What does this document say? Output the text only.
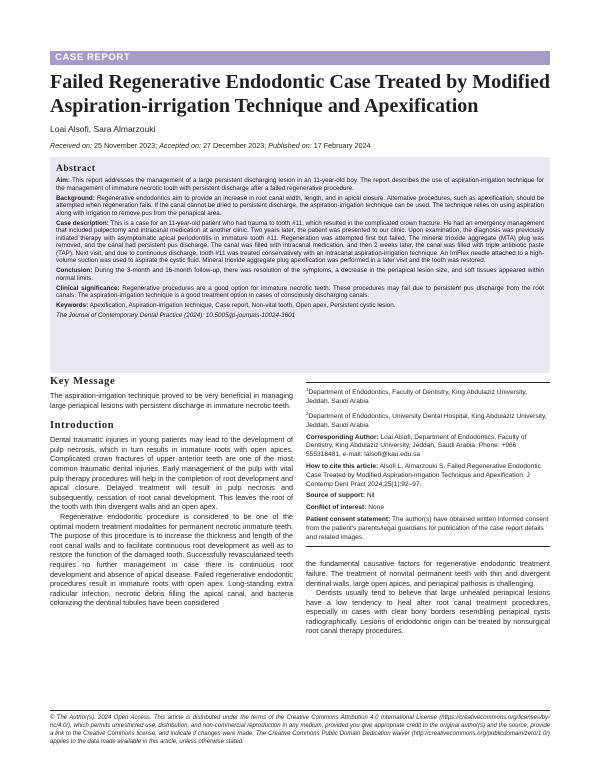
CASE REPORT
Failed Regenerative Endodontic Case Treated by Modified Aspiration-irrigation Technique and Apexification
Loai Alsofi, Sara Almarzouki
Received on: 25 November 2023; Accepted on: 27 December 2023; Published on: 17 February 2024
Abstract

Aim: This report addresses the management of a large persistent discharging lesion in an 11-year-old boy. The report describes the use of aspiration-irrigation technique for the management of immature necrotic tooth with persistent discharge after a failed regenerative procedure.

Background: Regenerative endodontics aim to provide an increase in root canal width, length, and in apical closure. Alternative procedures, such as apexification, should be attempted when regeneration fails. If the canal cannot be dried to persistent discharge, the aspiration-irrigation technique can be used. The technique relies on using aspiration along with irrigation to remove pus from the periapical area.

Case description: This is a case for an 11-year-old patient who had trauma to tooth #11, which resulted in the complicated crown fracture. He had an emergency management that included pulpectomy and intracanal medication at another clinic. Two years later, the patient was presented to our clinic. Upon examination, the diagnosis was previously initiated therapy with asymptomatic apical periodontitis in immature tooth #11. Regeneration was attempted first but failed. The mineral trioxide aggregate (MTA) plug was removed, and the canal had persistent pus discharge. The canal was filled with intracanal medication, and then 2 weeks later, the canal was filled with triple antibiotic paste (TAP). Next visit, and due to continuous discharge, tooth #11 was treated conservatively with an intracanal aspiration-irrigation technique. An IrriFlex needle attached to a high-volume suction was used to aspirate the cystic fluid. Mineral trioxide aggregate plug apexification was performed in a later visit and the tooth was restored.

Conclusion: During the 3-month and 16-month follow-up, there was resolution of the symptoms, a decrease in the periapical lesion size, and soft tissues appeared within normal limits.

Clinical significance: Regenerative procedures are a good option for immature necrotic teeth. These procedures may fail due to persistent pus discharge from the root canals. The aspiration-irrigation technique is a good treatment option in cases of consciously discharging canals.

Keywords: Apexification, Aspiration-irrigation technique, Case report, Non-vital tooth, Open apex, Persistent cystic lesion.

The Journal of Contemporary Dental Practice (2024): 10.5005/jp-journals-10024-3601

Key Message

The aspiration-irrigation technique proved to be very beneficial in managing large periapical lesions with persistent discharge in immature necrotic teeth.

Introduction

Dental traumatic injuries in young patients may lead to the development of pulp necrosis, which in turn results in immature roots with open apices. Complicated crown fractures of upper anterior teeth are one of the most common traumatic dental injuries. Early management of the pulp with vital pulp therapy procedures will help in the completion of root development and apical closure. Delayed treatment will result in pulp necrosis and subsequently, cessation of root canal development. This leaves the root of the tooth with thin divergent walls and an open apex.

Regenerative endodontic procedure is considered to be one of the optimal modern treatment modalities for permanent necrotic immature teeth. The purpose of this procedure is to increase the thickness and length of the root canal walls and to facilitate continuous root development as well as to restore the function of the damaged tooth. Successfully revascularized teeth requires no further management in case there is continuous root development and absence of apical disease. Failed regenerative endodontic procedures result in immature roots with open apex. Long-standing extra radicular infection, necrotic debris filling the apical canal, and bacteria colonizing the dentinal tubules have been considered

$^1$Department of Endodontics, Faculty of Dentistry, King Abdulaziz University, Jeddah, Saudi Arabia

$^2$Department of Endodontics, University Dental Hospital, King Abdulaziz University, Jeddah, Saudi Arabia

Corresponding Author: Loai Alsofi, Department of Endodontics, Faculty of Dentistry, King Abdulaziz University, Jeddah, Saudi Arabia, Phone: +966 555318481, e-mail: lalsofi@kau.edu.sa

How to cite this article: Alsofi L, Almarzouki S. Failed Regenerative Endodontic Case Treated by Modified Aspiration-irrigation Technique and Apexification. J Contemp Dent Pract 2024;25(1):92–97.

Source of support: Nil

Conflict of interest: None

Patient consent statement: The author(s) have obtained written informed consent from the patient's parents/legal guardians for publication of the case report details and related images.

the fundamental causative factors for regenerative endodontic treatment failure. The treatment of nonvital permanent teeth with thin and divergent dentinal walls, large open apices, and periapical pathosis is challenging.

Dentists usually tend to believe that large unhealed periapical lesions have a low tendency to heal after root canal treatment procedures, especially in cases with clear bony borders resembling periapical cysts radiographically. Lesions of endodontic origin can be treated by nonsurgical root canal therapy procedures.

© The Author(s). 2024 Open Access. This article is distributed under the terms of the Creative Commons Attribution 4.0 International License (https://creativecommons.org/licenses/by-nc/4.0/), which permits unrestricted use, distribution, and non-commercial reproduction in any medium, provided you give appropriate credit to the original author(s) and the source, provide a link to the Creative Commons license, and indicate if changes were made. The Creative Commons Public Domain Dedication waiver (http://creativecommons.org/publicdomain/zero/1.0/) applies to the data made available in this article, unless otherwise stated.
